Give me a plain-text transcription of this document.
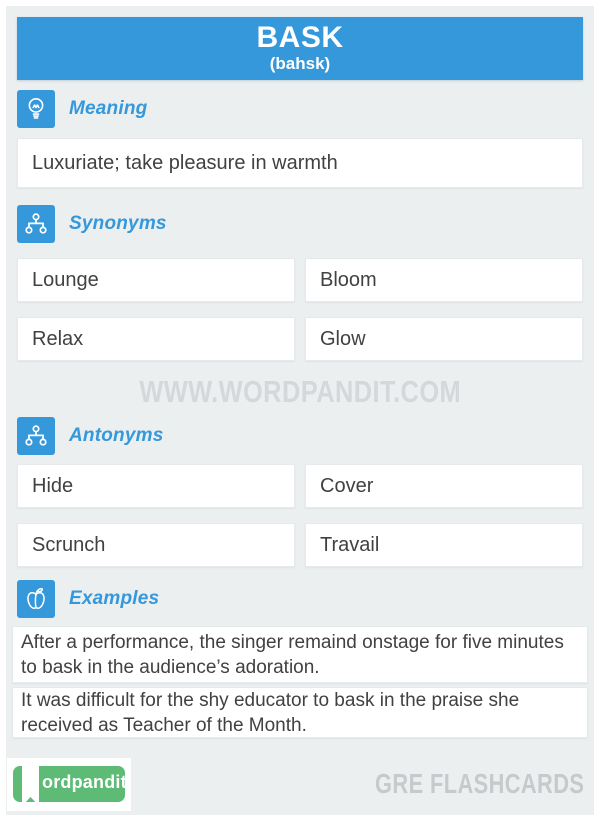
BASK
(bahsk)
Meaning
Luxuriate; take pleasure in warmth
Synonyms
Lounge	Bloom
Relax	Glow
WWW.WORDPANDIT.COM
Antonyms
Hide	Cover
Scrunch	Travail
Examples
After a performance, the singer remaind onstage for five minutes to bask in the audience’s adoration.
It was difficult for the shy educator to bask in the praise she received as Teacher of the Month.
ordpandit	GRE FLASHCARDS
